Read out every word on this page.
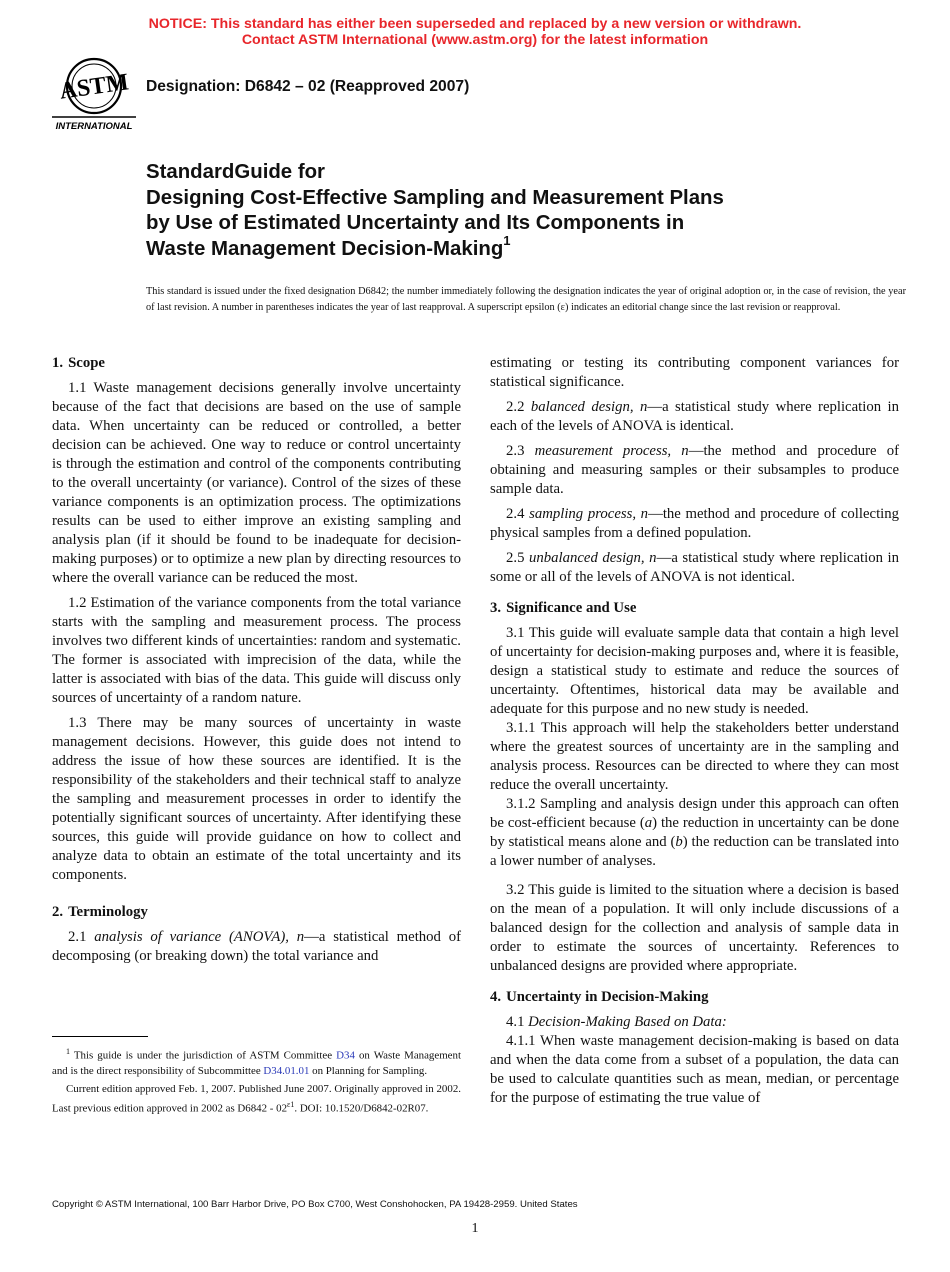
NOTICE: This standard has either been superseded and replaced by a new version or withdrawn.
Contact ASTM International (www.astm.org) for the latest information
ASTM
INTERNATIONAL
Designation: D6842 – 02 (Reapproved 2007)
StandardGuide for
Designing Cost-Effective Sampling and Measurement Plans
by Use of Estimated Uncertainty and Its Components in
Waste Management Decision-Making$^1$
This standard is issued under the fixed designation D6842; the number immediately following the designation indicates the year of original adoption or, in the case of revision, the year of last revision. A number in parentheses indicates the year of last reapproval. A superscript epsilon (ε) indicates an editorial change since the last revision or reapproval.
1. Scope

1.1 Waste management decisions generally involve uncertainty because of the fact that decisions are based on the use of sample data. When uncertainty can be reduced or controlled, a better decision can be achieved. One way to reduce or control uncertainty is through the estimation and control of the components contributing to the overall uncertainty (or variance). Control of the sizes of these variance components is an optimization process. The optimizations results can be used to either improve an existing sampling and analysis plan (if it should be found to be inadequate for decision-making purposes) or to optimize a new plan by directing resources to where the overall variance can be reduced the most.

1.2 Estimation of the variance components from the total variance starts with the sampling and measurement process. The process involves two different kinds of uncertainties: random and systematic. The former is associated with imprecision of the data, while the latter is associated with bias of the data. This guide will discuss only sources of uncertainty of a random nature.

1.3 There may be many sources of uncertainty in waste management decisions. However, this guide does not intend to address the issue of how these sources are identified. It is the responsibility of the stakeholders and their technical staff to analyze the sampling and measurement processes in order to identify the potentially significant sources of uncertainty. After identifying these sources, this guide will provide guidance on how to collect and analyze data to obtain an estimate of the total uncertainty and its components.

2. Terminology

2.1 analysis of variance (ANOVA), n—a statistical method of decomposing (or breaking down) the total variance and

estimating or testing its contributing component variances for statistical significance.

2.2 balanced design, n—a statistical study where replication in each of the levels of ANOVA is identical.

2.3 measurement process, n—the method and procedure of obtaining and measuring samples or their subsamples to produce sample data.

2.4 sampling process, n—the method and procedure of collecting physical samples from a defined population.

2.5 unbalanced design, n—a statistical study where replication in some or all of the levels of ANOVA is not identical.

3. Significance and Use

3.1 This guide will evaluate sample data that contain a high level of uncertainty for decision-making purposes and, where it is feasible, design a statistical study to estimate and reduce the sources of uncertainty. Oftentimes, historical data may be available and adequate for this purpose and no new study is needed.

3.1.1 This approach will help the stakeholders better understand where the greatest sources of uncertainty are in the sampling and analysis process. Resources can be directed to where they can most reduce the overall uncertainty.

3.1.2 Sampling and analysis design under this approach can often be cost-efficient because (a) the reduction in uncertainty can be done by statistical means alone and (b) the reduction can be translated into a lower number of analyses.

3.2 This guide is limited to the situation where a decision is based on the mean of a population. It will only include discussions of a balanced design for the collection and analysis of sample data in order to estimate the sources of uncertainty. References to unbalanced designs are provided where appropriate.

4. Uncertainty in Decision-Making

4.1 Decision-Making Based on Data:

4.1.1 When waste management decision-making is based on data and when the data come from a subset of a population, the data can be used to calculate quantities such as mean, median, or percentage for the purpose of estimating the true value of

$^1$ This guide is under the jurisdiction of ASTM Committee D34 on Waste Management and is the direct responsibility of Subcommittee D34.01.01 on Planning for Sampling.

Current edition approved Feb. 1, 2007. Published June 2007. Originally approved in 2002. Last previous edition approved in 2002 as $D6842 - 02^{\varepsilon 1}$. DOI: 10.1520/D6842-02R07.

Copyright © ASTM International, 100 Barr Harbor Drive, PO Box C700, West Conshohocken, PA 19428-2959. United States
1
